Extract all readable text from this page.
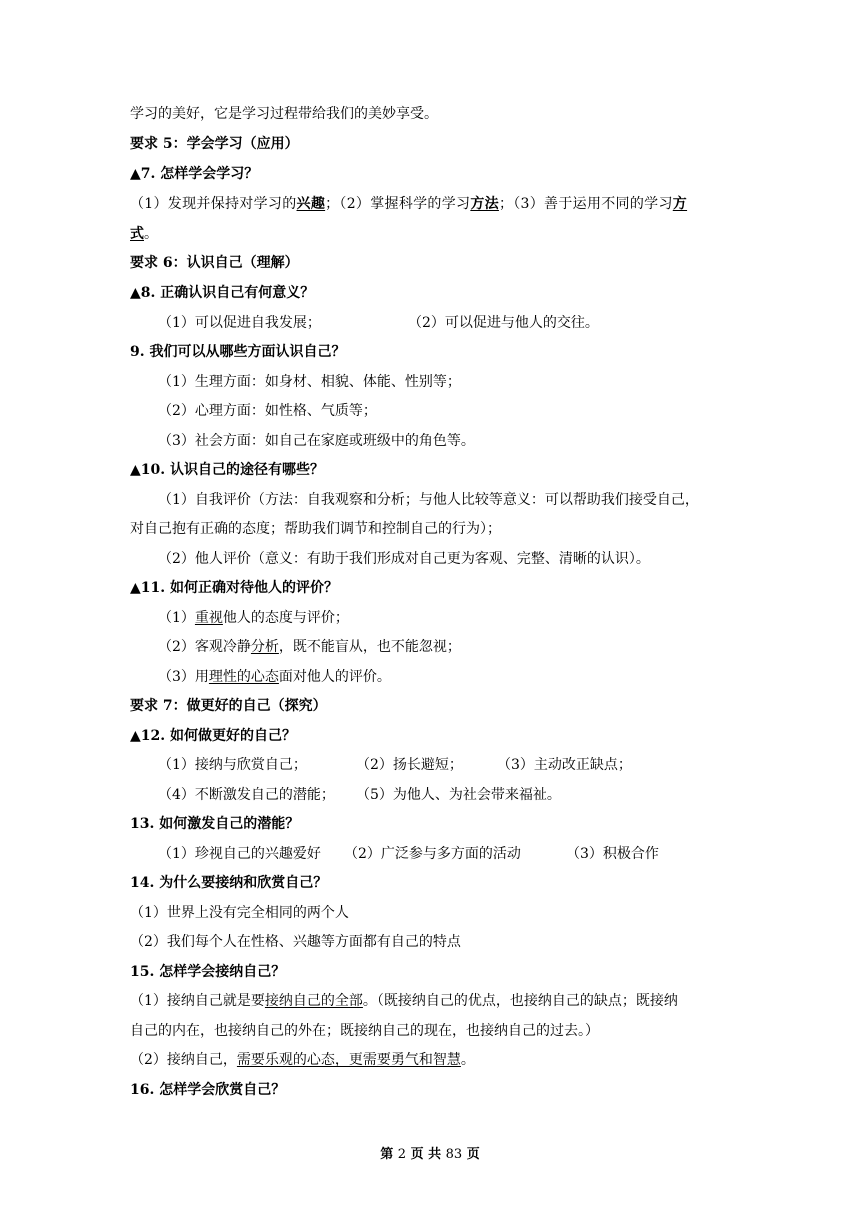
学习的美好，它是学习过程带给我们的美妙享受。
要求 5：学会学习（应用）
▲7. 怎样学会学习？
（1）发现并保持对学习的兴趣；（2）掌握科学的学习方法；（3）善于运用不同的学习方
式。
要求 6：认识自己（理解）
▲8. 正确认识自己有何意义？
（1）可以促进自我发展；	（2）可以促进与他人的交往。
9. 我们可以从哪些方面认识自己？
（1）生理方面：如身材、相貌、体能、性别等；
（2）心理方面：如性格、气质等；
（3）社会方面：如自己在家庭或班级中的角色等。
▲10. 认识自己的途径有哪些？
（1）自我评价（方法：自我观察和分析；与他人比较等意义：可以帮助我们接受自己，
对自己抱有正确的态度；帮助我们调节和控制自己的行为）；
（2）他人评价（意义：有助于我们形成对自己更为客观、完整、清晰的认识）。
▲11. 如何正确对待他人的评价？
（1）重视他人的态度与评价；
（2）客观冷静分析，既不能盲从，也不能忽视；
（3）用理性的心态面对他人的评价。
要求 7：做更好的自己（探究）
▲12. 如何做更好的自己？
（1）接纳与欣赏自己；	（2）扬长避短； （3）主动改正缺点；
（4）不断激发自己的潜能； （5）为他人、为社会带来福祉。
13. 如何激发自己的潜能？
（1）珍视自己的兴趣爱好 （2）广泛参与多方面的活动	（3）积极合作
14. 为什么要接纳和欣赏自己？
（1）世界上没有完全相同的两个人
（2）我们每个人在性格、兴趣等方面都有自己的特点
15. 怎样学会接纳自己？
（1）接纳自己就是要接纳自己的全部。（既接纳自己的优点，也接纳自己的缺点；既接纳
自己的内在，也接纳自己的外在；既接纳自己的现在，也接纳自己的过去。）
（2）接纳自己，需要乐观的心态，更需要勇气和智慧。
16. 怎样学会欣赏自己？
第 2 页 共 83 页
